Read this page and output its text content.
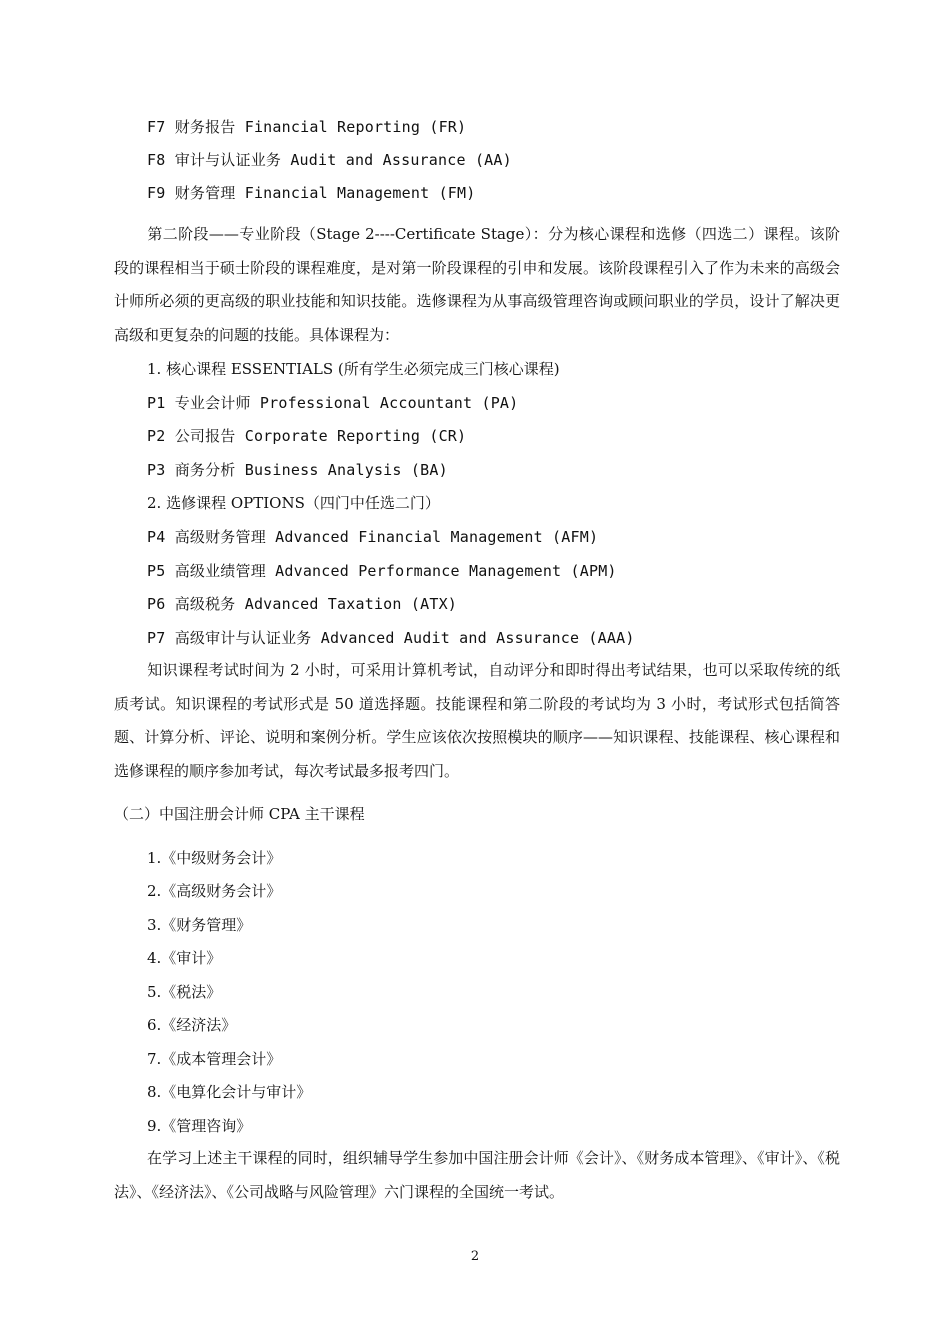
F7 财务报告 Financial Reporting (FR)
F8 审计与认证业务 Audit and Assurance (AA)
F9 财务管理 Financial Management (FM)
第二阶段——专业阶段（Stage 2----Certificate Stage）：分为核心课程和选修（四选二）课程。该阶段的课程相当于硕士阶段的课程难度，是对第一阶段课程的引申和发展。该阶段课程引入了作为未来的高级会计师所必须的更高级的职业技能和知识技能。选修课程为从事高级管理咨询或顾问职业的学员，设计了解决更高级和更复杂的问题的技能。具体课程为：
1. 核心课程 ESSENTIALS (所有学生必须完成三门核心课程)
P1 专业会计师 Professional Accountant (PA)
P2 公司报告 Corporate Reporting (CR)
P3 商务分析 Business Analysis (BA)
2. 选修课程 OPTIONS（四门中任选二门）
P4 高级财务管理 Advanced Financial Management (AFM)
P5 高级业绩管理 Advanced Performance Management (APM)
P6 高级税务 Advanced Taxation (ATX)
P7 高级审计与认证业务 Advanced Audit and Assurance (AAA)
知识课程考试时间为 2 小时，可采用计算机考试，自动评分和即时得出考试结果，也可以采取传统的纸质考试。知识课程的考试形式是 50 道选择题。技能课程和第二阶段的考试均为 3 小时，考试形式包括简答题、计算分析、评论、说明和案例分析。学生应该依次按照模块的顺序——知识课程、技能课程、核心课程和选修课程的顺序参加考试，每次考试最多报考四门。
（二）中国注册会计师 CPA 主干课程
1.《中级财务会计》
2.《高级财务会计》
3.《财务管理》
4.《审计》
5.《税法》
6.《经济法》
7.《成本管理会计》
8.《电算化会计与审计》
9.《管理咨询》
在学习上述主干课程的同时，组织辅导学生参加中国注册会计师《会计》、《财务成本管理》、《审计》、《税法》、《经济法》、《公司战略与风险管理》六门课程的全国统一考试。
2
